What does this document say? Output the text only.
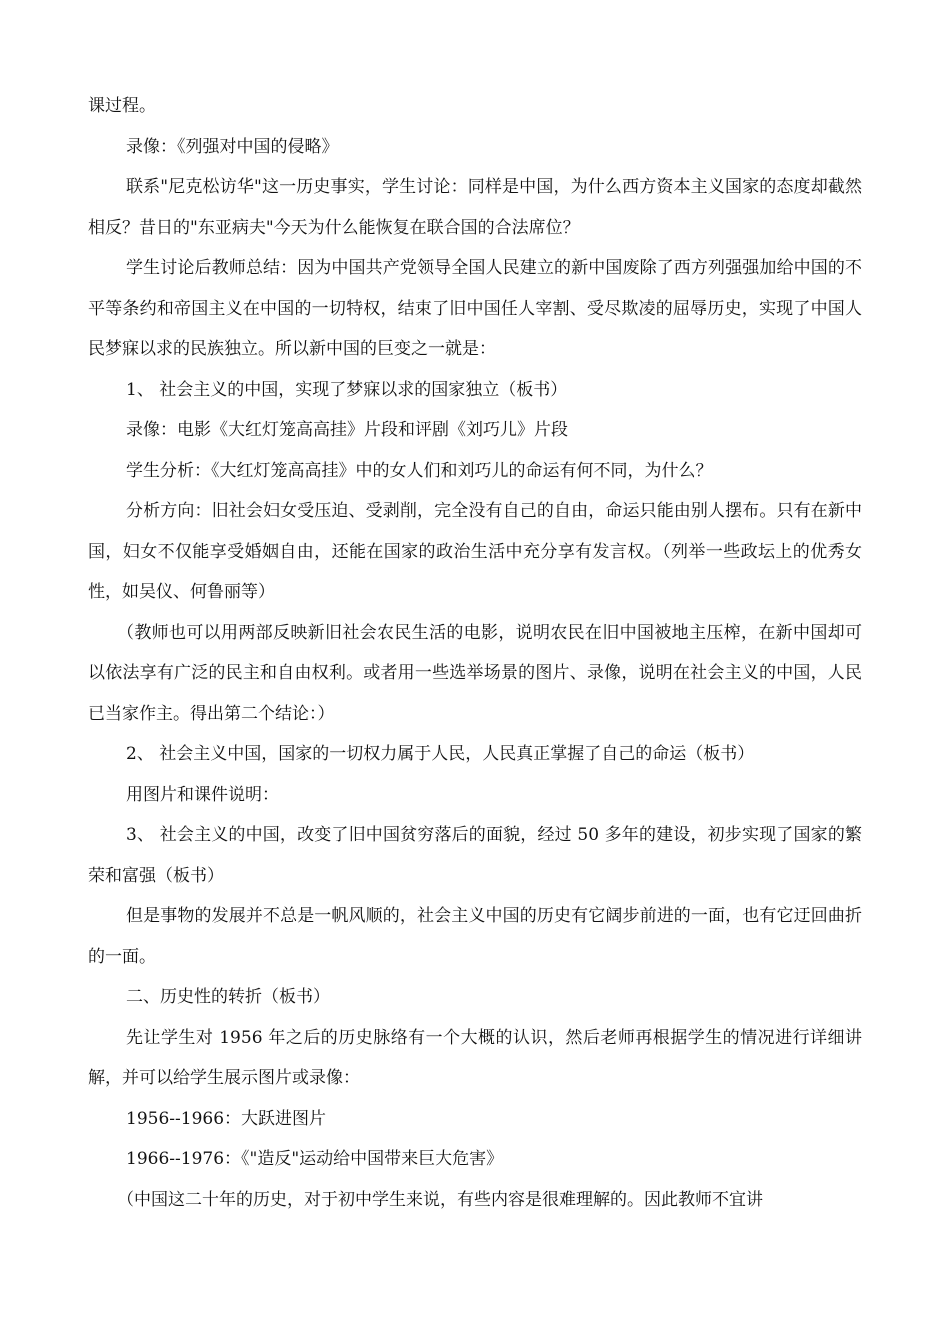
课过程。

录像：《列强对中国的侵略》

联系"尼克松访华"这一历史事实，学生讨论：同样是中国，为什么西方资本主义国家的态度却截然相反？昔日的"东亚病夫"今天为什么能恢复在联合国的合法席位？

学生讨论后教师总结：因为中国共产党领导全国人民建立的新中国废除了西方列强强加给中国的不平等条约和帝国主义在中国的一切特权，结束了旧中国任人宰割、受尽欺凌的屈辱历史，实现了中国人民梦寐以求的民族独立。所以新中国的巨变之一就是：

1、 社会主义的中国，实现了梦寐以求的国家独立（板书）

录像：电影《大红灯笼高高挂》片段和评剧《刘巧儿》片段

学生分析：《大红灯笼高高挂》中的女人们和刘巧儿的命运有何不同，为什么？

分析方向：旧社会妇女受压迫、受剥削，完全没有自己的自由，命运只能由别人摆布。只有在新中国，妇女不仅能享受婚姻自由，还能在国家的政治生活中充分享有发言权。（列举一些政坛上的优秀女性，如吴仪、何鲁丽等）

（教师也可以用两部反映新旧社会农民生活的电影，说明农民在旧中国被地主压榨，在新中国却可以依法享有广泛的民主和自由权利。或者用一些选举场景的图片、录像，说明在社会主义的中国，人民已当家作主。得出第二个结论：）

2、 社会主义中国，国家的一切权力属于人民，人民真正掌握了自己的命运（板书）

用图片和课件说明：

3、 社会主义的中国，改变了旧中国贫穷落后的面貌，经过 50 多年的建设，初步实现了国家的繁荣和富强（板书）

但是事物的发展并不总是一帆风顺的，社会主义中国的历史有它阔步前进的一面，也有它迂回曲折的一面。

二、历史性的转折（板书）

先让学生对 1956 年之后的历史脉络有一个大概的认识，然后老师再根据学生的情况进行详细讲解，并可以给学生展示图片或录像：

1956--1966：大跃进图片

1966--1976：《"造反"运动给中国带来巨大危害》

（中国这二十年的历史，对于初中学生来说，有些内容是很难理解的。因此教师不宜讲
